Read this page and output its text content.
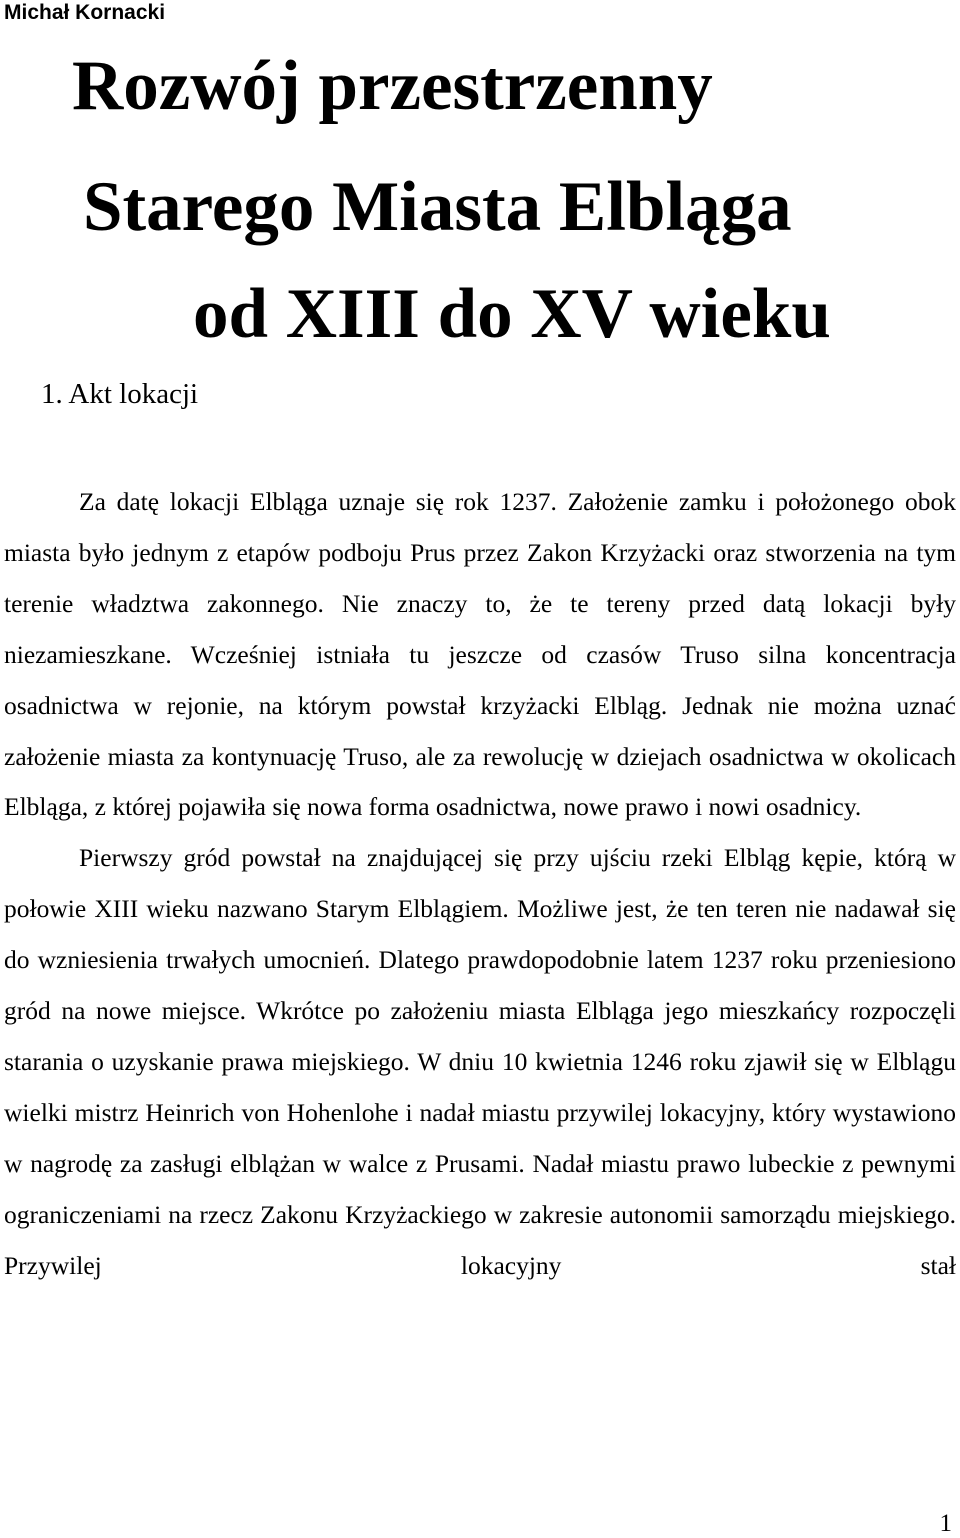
Michał Kornacki
Rozwój przestrzenny
Starego Miasta Elbląga
od XIII do XV wieku
1. Akt lokacji

Za datę lokacji Elbląga uznaje się rok 1237. Założenie zamku i położonego obok miasta było jednym z etapów podboju Prus przez Zakon Krzyżacki oraz stworzenia na tym terenie władztwa zakonnego. Nie znaczy to, że te tereny przed datą lokacji były niezamieszkane. Wcześniej istniała tu jeszcze od czasów Truso silna koncentracja osadnictwa w rejonie, na którym powstał krzyżacki Elbląg. Jednak nie można uznać założenie miasta za kontynuację Truso, ale za rewolucję w dziejach osadnictwa w okolicach Elbląga, z której pojawiła się nowa forma osadnictwa, nowe prawo i nowi osadnicy.

Pierwszy gród powstał na znajdującej się przy ujściu rzeki Elbląg kępie, którą w połowie XIII wieku nazwano Starym Elblągiem. Możliwe jest, że ten teren nie nadawał się do wzniesienia trwałych umocnień. Dlatego prawdopodobnie latem 1237 roku przeniesiono gród na nowe miejsce. Wkrótce po założeniu miasta Elbląga jego mieszkańcy rozpoczęli starania o uzyskanie prawa miejskiego. W dniu 10 kwietnia 1246 roku zjawił się w Elblągu wielki mistrz Heinrich von Hohenlohe i nadał miastu przywilej lokacyjny, który wystawiono w nagrodę za zasługi elblążan w walce z Prusami. Nadał miastu prawo lubeckie z pewnymi ograniczeniami na rzecz Zakonu Krzyżackiego w zakresie autonomii samorządu miejskiego. Przywilej lokacyjny stał

1
